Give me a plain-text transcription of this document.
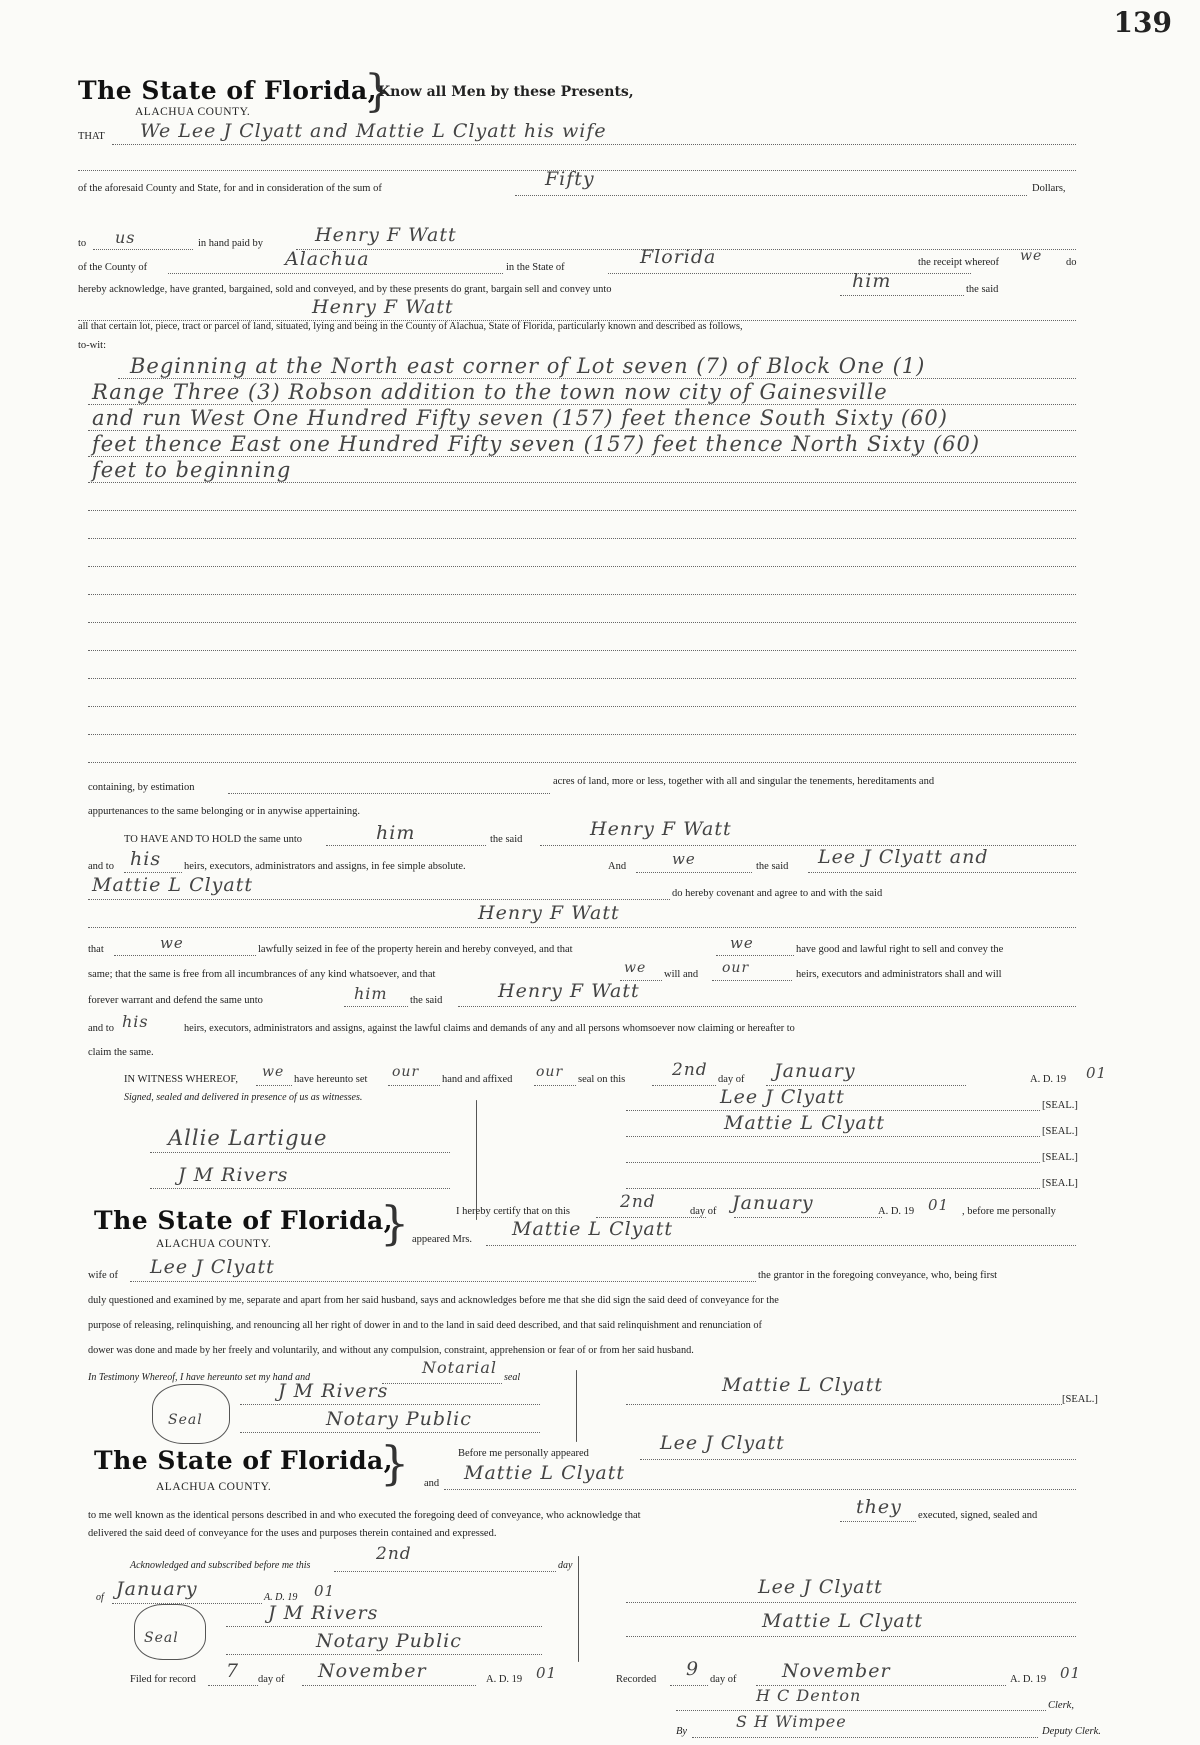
139
The State of Florida,
}
Know all Men by these Presents,
ALACHUA COUNTY.
THAT We Lee J Clyatt and Mattie L Clyatt his wife
of the aforesaid County and State, for and in consideration of the sum of	Fifty	Dollars,
to us	in hand paid by	Henry F Watt
of the County of	Alachua	in the State of	Florida	the receipt whereof we do
hereby acknowledge, have granted, bargained, sold and conveyed, and by these presents do grant, bargain sell and convey unto	him	the said
Henry F Watt
all that certain lot, piece, tract or parcel of land, situated, lying and being in the County of Alachua, State of Florida, particularly known and described as follows,
to-wit:
Beginning at the North east corner of Lot seven (7) of Block One (1)
Range Three (3) Robson addition to the town now city of Gainesville
and run West One Hundred Fifty seven (157) feet thence South Sixty (60)
feet thence East one Hundred Fifty seven (157) feet thence North Sixty (60)
feet to beginning
containing, by estimation
acres of land, more or less, together with all and singular the tenements, hereditaments and
appurtenances to the same belonging or in anywise appertaining.
TO HAVE AND TO HOLD the same unto	him	the said	Henry F Watt
and to his heirs, executors, administrators and assigns, in fee simple absolute.	And	we	the said Lee J Clyatt and
Mattie L Clyatt	do hereby covenant and agree to and with the said
Henry F Watt
that	we	lawfully seized in fee of the property herein and hereby conveyed, and that	we	have good and lawful right to sell and convey the
same; that the same is free from all incumbrances of any kind whatsoever, and that	we will and our	heirs, executors and administrators shall and will
forever warrant and defend the same unto	him the said	Henry F Watt
and to his	heirs, executors, administrators and assigns, against the lawful claims and demands of any and all persons whomsoever now claiming or hereafter to
claim the same.
IN WITNESS WHEREOF, we have hereunto set our hand and affixed our seal on this	2nd day of January	A. D. 19 01
Signed, sealed and delivered in presence of us as witnesses.
Allie Lartigue
J M Rivers
Lee J Clyatt	[SEAL.]
Mattie L Clyatt	[SEAL.]
[SEAL.]
[SEA.L]
The State of Florida,
}
ALACHUA COUNTY.
I hereby certify that on this	2nd	day of January	A. D. 19 01 , before me personally
appeared Mrs. Mattie L Clyatt
wife of Lee J Clyatt	the grantor in the foregoing conveyance, who, being first
duly questioned and examined by me, separate and apart from her said husband, says and acknowledges before me that she did sign the said deed of conveyance for the
purpose of releasing, relinquishing, and renouncing all her right of dower in and to the land in said deed described, and that said relinquishment and renunciation of
dower was done and made by her freely and voluntarily, and without any compulsion, constraint, apprehension or fear of or from her said husband.
In Testimony Whereof, I have hereunto set my hand and
Notarial
seal
Seal
J M Rivers
Notary Public
Mattie L Clyatt
[SEAL.]
The State of Florida,
}
ALACHUA COUNTY.
Before me personally appeared	Lee J Clyatt
and Mattie L Clyatt
to me well known as the identical persons described in and who executed the foregoing deed of conveyance, who acknowledge that	they executed, signed, sealed and
delivered the said deed of conveyance for the uses and purposes therein contained and expressed.
Acknowledged and subscribed before me this
2nd
day
of January	A. D. 19 01
Seal
J M Rivers
Notary Public
Lee J Clyatt
Mattie L Clyatt
Filed for record 7 day of November	A. D. 19 01	Recorded 9 day of November	A. D. 19 01
H C Denton
Clerk,
By
S H Wimpee
Deputy Clerk.
